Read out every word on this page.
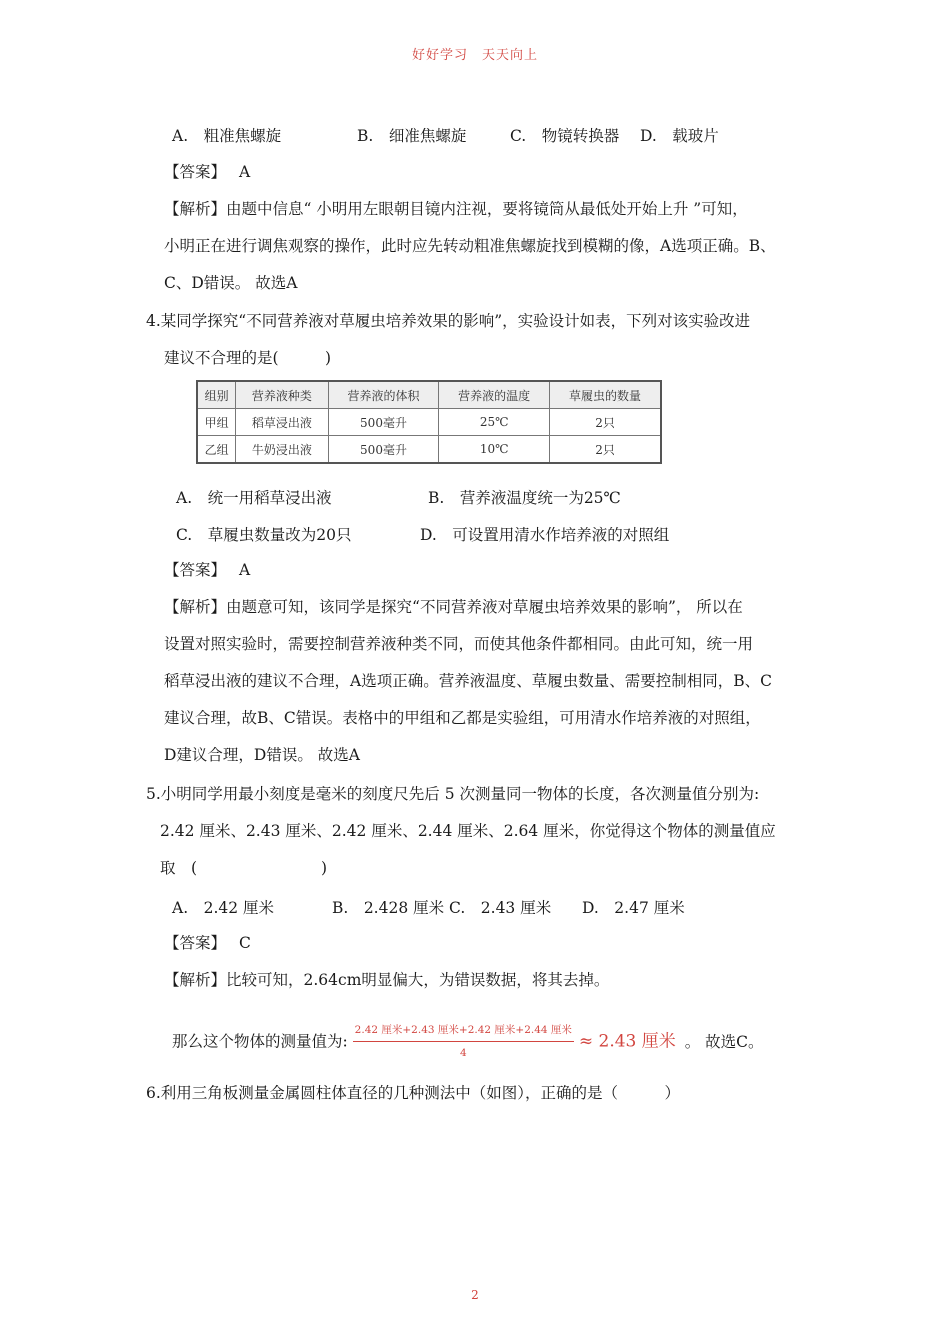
好好学习　天天向上
A.　粗准焦螺旋	B.　细准焦螺旋	C.　物镜转换器 D.　载玻片
【答案】 A
【解析】由题中信息“ 小明用左眼朝目镜内注视，要将镜筒从最低处开始上升 ”可知，
小明正在进行调焦观察的操作，此时应先转动粗准焦螺旋找到模糊的像，A选项正确。B、
C、D错误。 故选A
4.某同学探究“不同营养液对草履虫培养效果的影响”，实验设计如表，下列对该实验改进
建议不合理的是(　　　)
组别	营养液种类	营养液的体积	营养液的温度	草履虫的数量
甲组	稻草浸出液	500毫升	25℃	2只
乙组	牛奶浸出液	500毫升	10℃	2只
A.　统一用稻草浸出液	B.　营养液温度统一为25℃
C.　草履虫数量改为20只	D.　可设置用清水作培养液的对照组
【答案】 A
【解析】由题意可知，该同学是探究“不同营养液对草履虫培养效果的影响”， 所以在
设置对照实验时，需要控制营养液种类不同，而使其他条件都相同。由此可知，统一用
稻草浸出液的建议不合理，A选项正确。营养液温度、草履虫数量、需要控制相同，B、C
建议合理，故B、C错误。表格中的甲组和乙都是实验组，可用清水作培养液的对照组，
D建议合理，D错误。 故选A
5.小明同学用最小刻度是毫米的刻度尺先后 5 次测量同一物体的长度，各次测量值分别为:
2.42 厘米、2.43 厘米、2.42 厘米、2.44 厘米、2.64 厘米，你觉得这个物体的测量值应
取　(　　　　　　　　)
A.　2.42 厘米	B.　2.428 厘米 C.　2.43 厘米 D.　2.47 厘米
【答案】 C
【解析】比较可知，2.64cm明显偏大，为错误数据，将其去掉。
那么这个物体的测量值为: $\frac{\text{2.42 厘米+2.43 厘米+2.42 厘米+2.44 厘米}}{4} \approx 2.43$ 厘米 。 故选C。
6.利用三角板测量金属圆柱体直径的几种测法中（如图），正确的是（　　　）
2
